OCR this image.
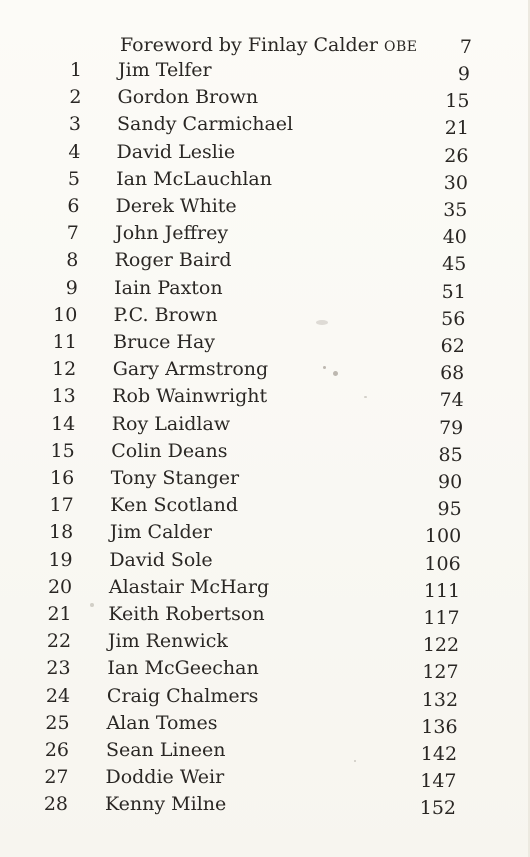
Foreword by Finlay Calder OBE	7
1 Jim Telfer	9
2 Gordon Brown	15
3 Sandy Carmichael	21
4 David Leslie	26
5 Ian McLauchlan	30
6 Derek White	35
7 John Jeffrey	40
8 Roger Baird	45
9 Iain Paxton	51
10 P.C. Brown	56
11 Bruce Hay	62
12 Gary Armstrong	68
13 Rob Wainwright	74
14 Roy Laidlaw	79
15 Colin Deans	85
16 Tony Stanger	90
17 Ken Scotland	95
18 Jim Calder	100
19 David Sole	106
20 Alastair McHarg	111
21 Keith Robertson	117
22 Jim Renwick	122
23 Ian McGeechan	127
24 Craig Chalmers	132
25 Alan Tomes	136
26 Sean Lineen	142
27 Doddie Weir	147
28 Kenny Milne	152
